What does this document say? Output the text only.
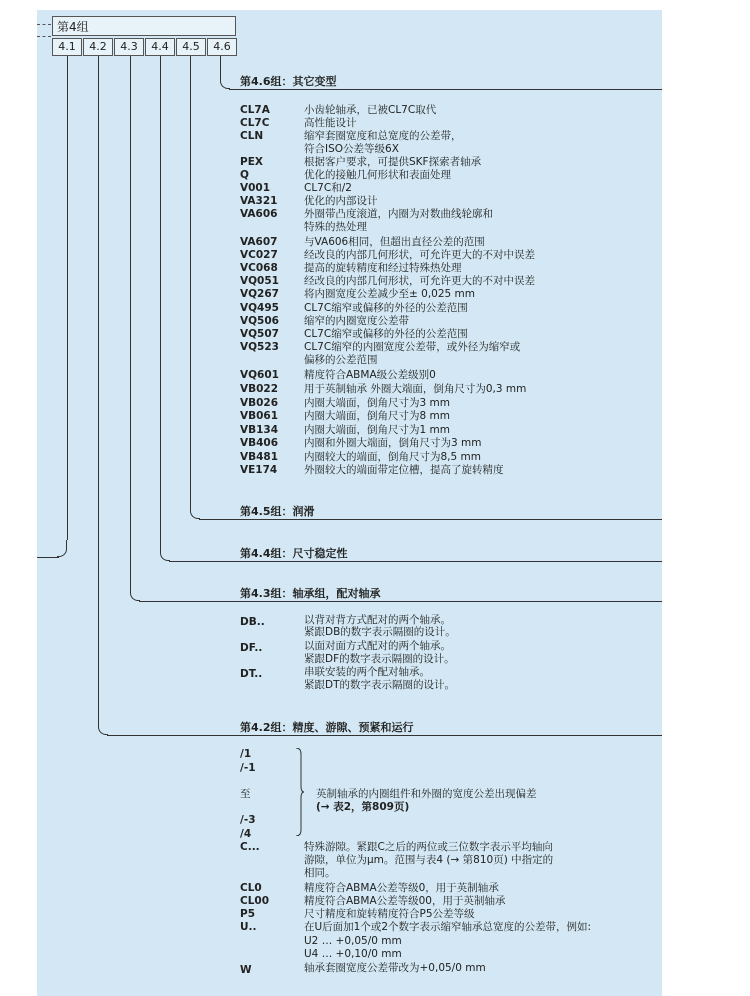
第4组
4.1	4.2	4.3	4.4	4.5	4.6
第4.6组：其它变型
第4.5组：润滑
第4.4组：尺寸稳定性
第4.3组：轴承组，配对轴承
第4.2组：精度、游隙、预紧和运行
CL7A	小齿轮轴承，已被CL7C取代
CL7C	高性能设计
CLN	缩窄套圈宽度和总宽度的公差带，
符合ISO公差等级6X
PEX	根据客户要求，可提供SKF探索者轴承
Q	优化的接触几何形状和表面处理
V001	CL7C和/2
VA321	优化的内部设计
VA606	外圈带凸度滚道，内圈为对数曲线轮廓和
特殊的热处理
VA607	与VA606相同，但超出直径公差的范围
VC027	经改良的内部几何形状，可允许更大的不对中误差
VC068	提高的旋转精度和经过特殊热处理
VQ051 经改良的内部几何形状，可允许更大的不对中误差
VQ267 将内圈宽度公差减少至± 0,025 mm
VQ495 CL7C缩窄或偏移的外径的公差范围
VQ506 缩窄的内圈宽度公差带
VQ507 CL7C缩窄或偏移的外径的公差范围
VQ523 CL7C缩窄的内圈宽度公差带，或外径为缩窄或
偏移的公差范围
VQ601 精度符合ABMA级公差级别0
VB022 用于英制轴承 外圈大端面，倒角尺寸为0,3 mm
VB026 内圈大端面，倒角尺寸为3 mm
VB061 内圈大端面，倒角尺寸为8 mm
VB134 内圈大端面，倒角尺寸为1 mm
VB406 内圈和外圈大端面，倒角尺寸为3 mm
VB481 内圈较大的端面，倒角尺寸为8,5 mm
VE174	外圈较大的端面带定位槽，提高了旋转精度
DB..	以背对背方式配对的两个轴承。
紧跟DB的数字表示隔圈的设计。
DF..	以面对面方式配对的两个轴承。
紧跟DF的数字表示隔圈的设计。
DT..	串联安装的两个配对轴承。
紧跟DT的数字表示隔圈的设计。
/1
/-1
至
/-3
/4
英制轴承的内圈组件和外圈的宽度公差出现偏差
(→ 表2，第809页)
C...	特殊游隙。紧跟C之后的两位或三位数字表示平均轴向
游隙，单位为µm。范围与表4 (→ 第810页) 中指定的
相同。
CL0	精度符合ABMA公差等级0，用于英制轴承
CL00	精度符合ABMA公差等级00，用于英制轴承
P5	尺寸精度和旋转精度符合P5公差等级
U..	在U后面加1个或2个数字表示缩窄轴承总宽度的公差带，例如:
U2 … +0,05/0 mm
U4 … +0,10/0 mm
W	轴承套圈宽度公差带改为+0,05/0 mm
